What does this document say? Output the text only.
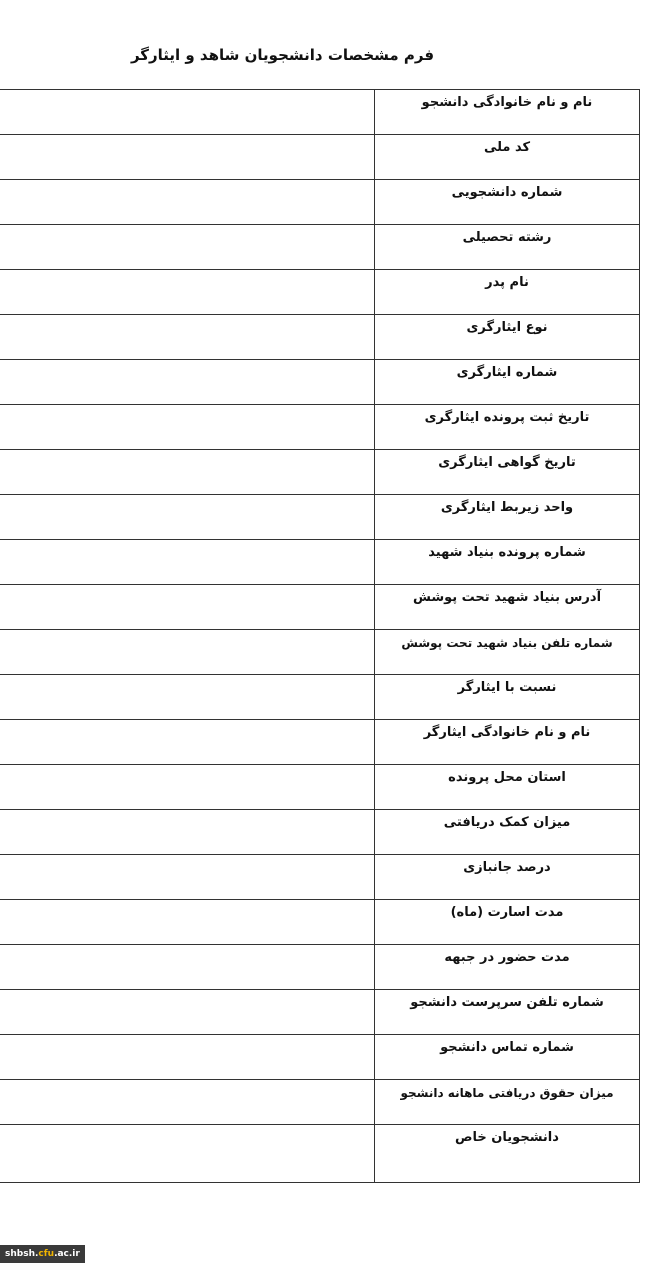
فرم مشخصات دانشجویان شاهد و ایثارگر
نام و نام خانوادگی دانشجو	
کد ملی	
شماره دانشجویی	
رشته تحصیلی	
نام پدر	
نوع ایثارگری	
شماره ایثارگری	
تاریخ ثبت پرونده ایثارگری	
تاریخ گواهی ایثارگری	
واحد زیربط ایثارگری	
شماره پرونده بنیاد شهید	
آدرس بنیاد شهید تحت پوشش	
شماره تلفن بنیاد شهید تحت پوشش	
نسبت با ایثارگر	
نام و نام خانوادگی ایثارگر	
استان محل پرونده	
میزان کمک دریافتی	
درصد جانبازی	
مدت اسارت (ماه)	
مدت حضور در جبهه	
شماره تلفن سرپرست دانشجو	
شماره تماس دانشجو	
میزان حقوق دریافتی ماهانه دانشجو	
دانشجویان خاص	
shbsh.cfu.ac.ir
